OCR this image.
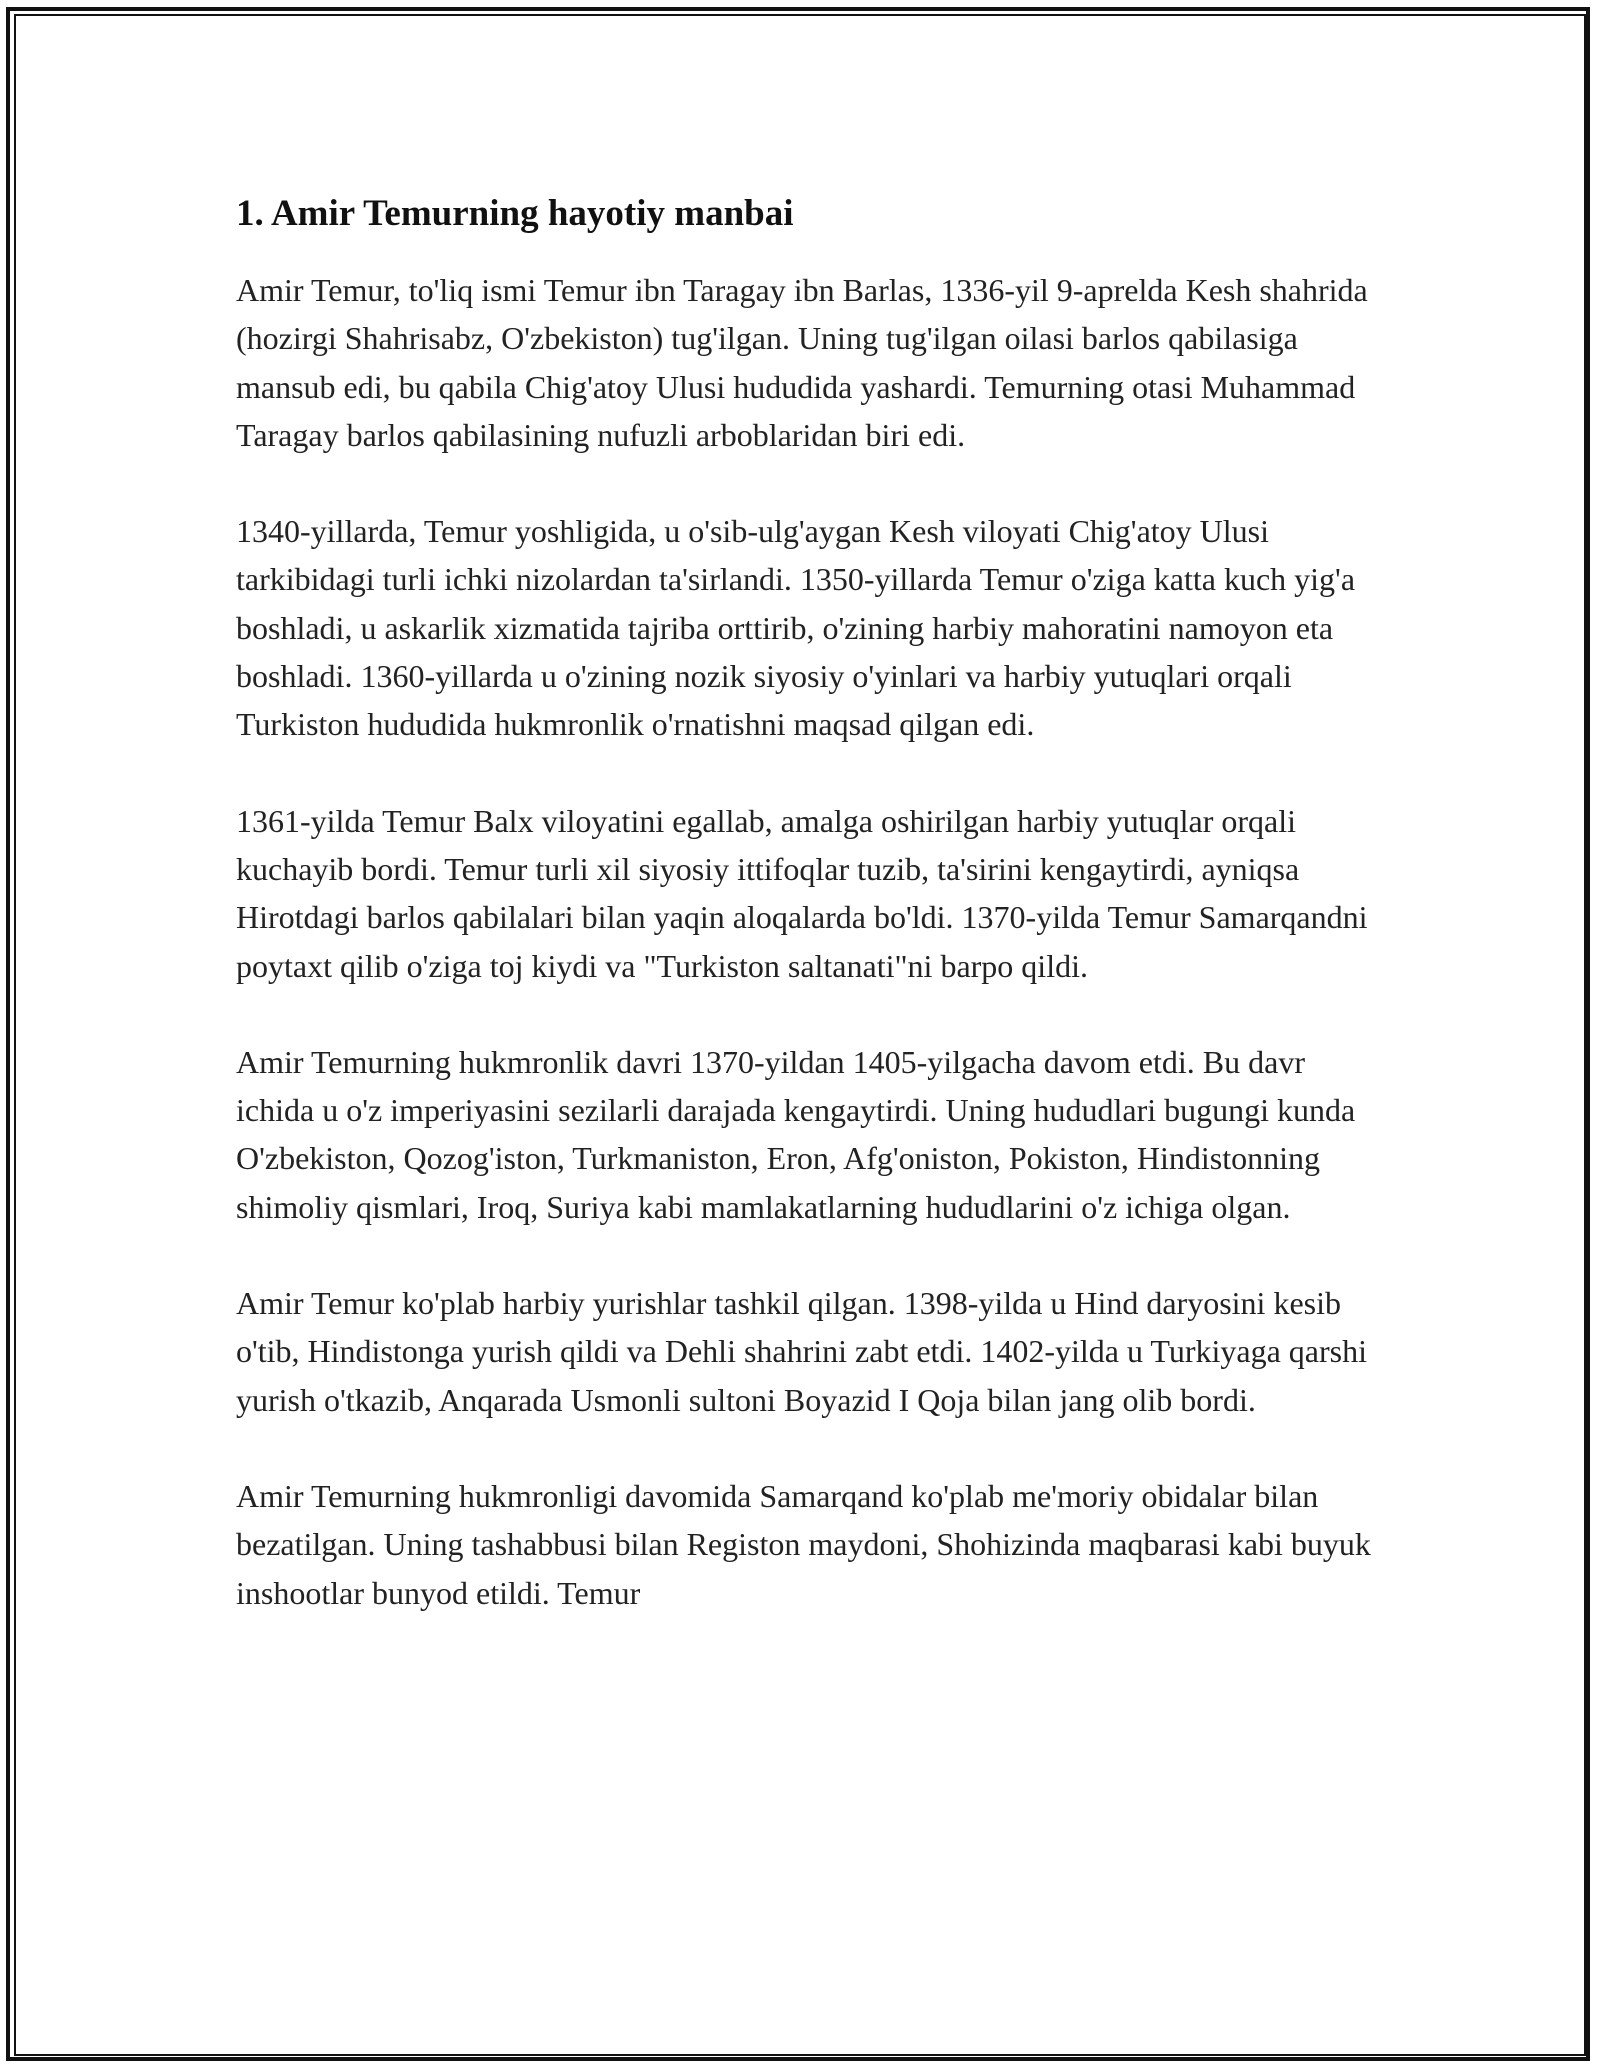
1. Amir Temurning hayotiy manbai

Amir Temur, to'liq ismi Temur ibn Taragay ibn Barlas, 1336-yil 9-aprelda Kesh shahrida (hozirgi Shahrisabz, O'zbekiston) tug'ilgan. Uning tug'ilgan oilasi barlos qabilasiga mansub edi, bu qabila Chig'atoy Ulusi hududida yashardi. Temurning otasi Muhammad Taragay barlos qabilasining nufuzli arboblaridan biri edi.

1340-yillarda, Temur yoshligida, u o'sib-ulg'aygan Kesh viloyati Chig'atoy Ulusi tarkibidagi turli ichki nizolardan ta'sirlandi. 1350-yillarda Temur o'ziga katta kuch yig'a boshladi, u askarlik xizmatida tajriba orttirib, o'zining harbiy mahoratini namoyon eta boshladi. 1360-yillarda u o'zining nozik siyosiy o'yinlari va harbiy yutuqlari orqali Turkiston hududida hukmronlik o'rnatishni maqsad qilgan edi.

1361-yilda Temur Balx viloyatini egallab, amalga oshirilgan harbiy yutuqlar orqali kuchayib bordi. Temur turli xil siyosiy ittifoqlar tuzib, ta'sirini kengaytirdi, ayniqsa Hirotdagi barlos qabilalari bilan yaqin aloqalarda bo'ldi. 1370-yilda Temur Samarqandni poytaxt qilib o'ziga toj kiydi va "Turkiston saltanati"ni barpo qildi.

Amir Temurning hukmronlik davri 1370-yildan 1405-yilgacha davom etdi. Bu davr ichida u o'z imperiyasini sezilarli darajada kengaytirdi. Uning hududlari bugungi kunda O'zbekiston, Qozog'iston, Turkmaniston, Eron, Afg'oniston, Pokiston, Hindistonning shimoliy qismlari, Iroq, Suriya kabi mamlakatlarning hududlarini o'z ichiga olgan.

Amir Temur ko'plab harbiy yurishlar tashkil qilgan. 1398-yilda u Hind daryosini kesib o'tib, Hindistonga yurish qildi va Dehli shahrini zabt etdi. 1402-yilda u Turkiyaga qarshi yurish o'tkazib, Anqarada Usmonli sultoni Boyazid I Qoja bilan jang olib bordi.

Amir Temurning hukmronligi davomida Samarqand ko'plab me'moriy obidalar bilan bezatilgan. Uning tashabbusi bilan Registon maydoni, Shohizinda maqbarasi kabi buyuk inshootlar bunyod etildi. Temur
